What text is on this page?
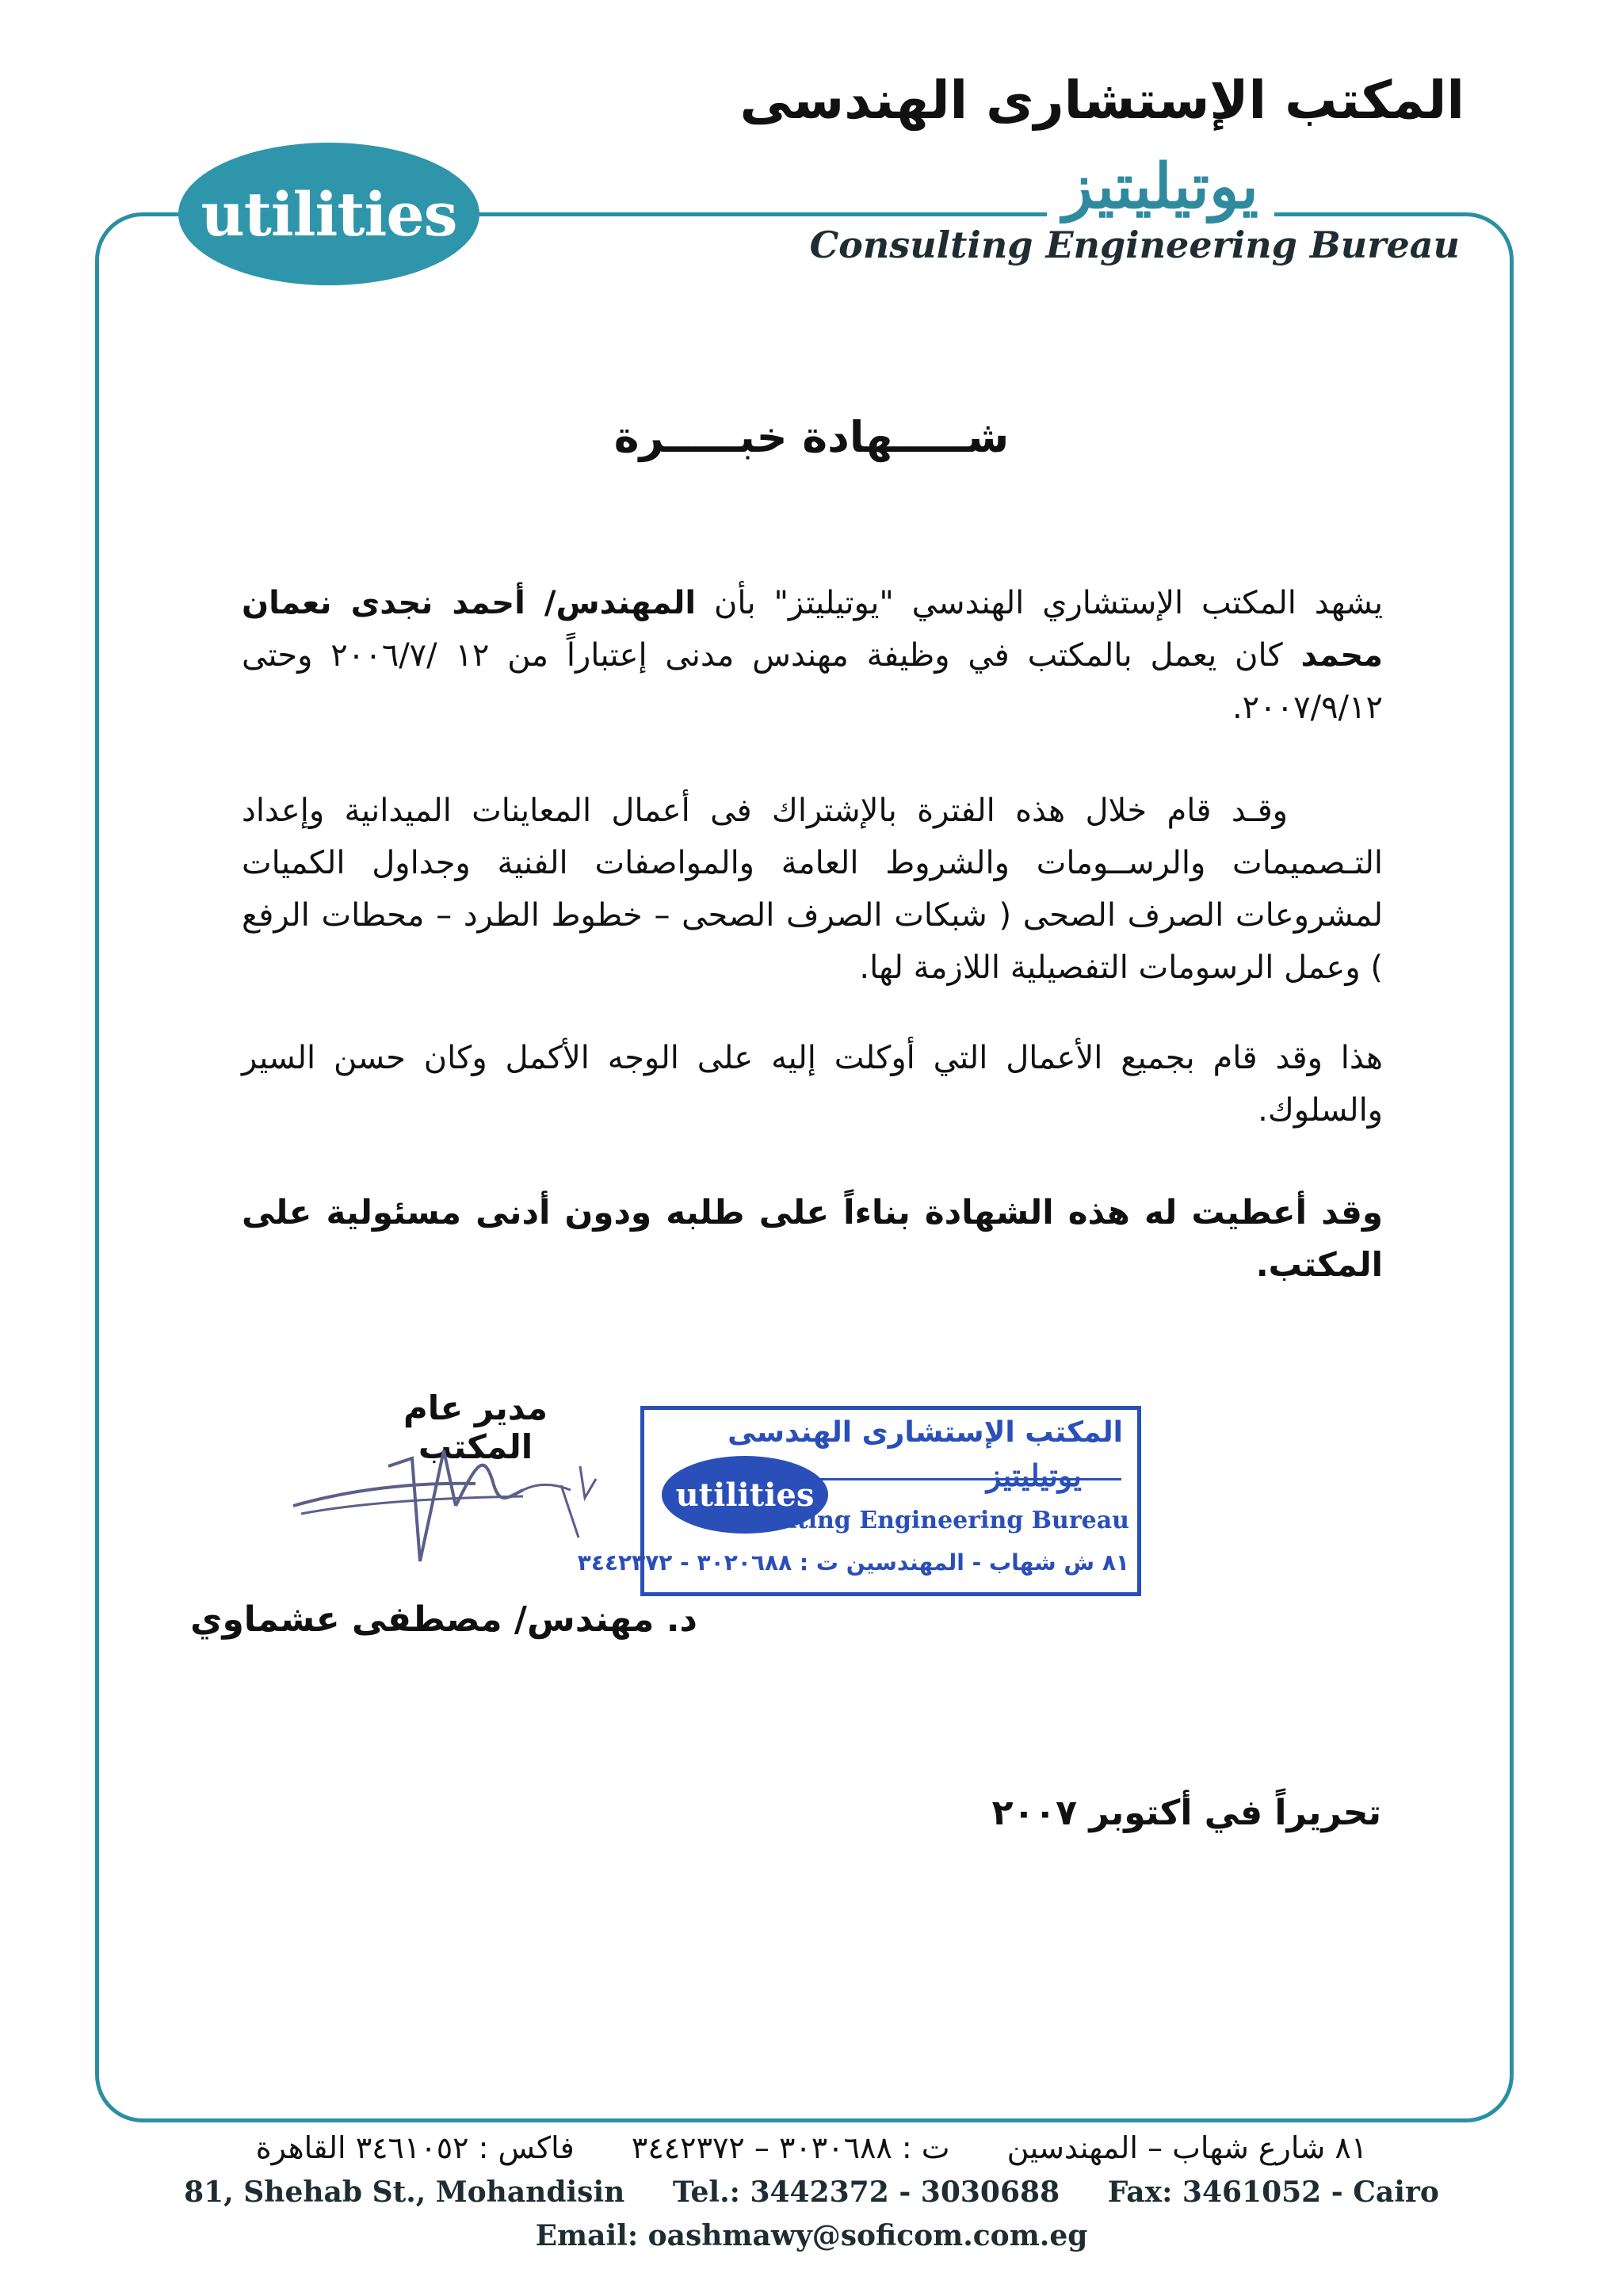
utilities
المكتب الإستشارى الهندسى
يوتيليتيز
Consulting Engineering Bureau
شـــــهادة خبـــــرة
يشهد المكتب الإستشاري الهندسي "يوتيليتز" بأن المهندس/ أحمد نجدى نعمان محمد كان يعمل بالمكتب في وظيفة مهندس مدنى إعتباراً من ١٢ /٢٠٠٦/٧ وحتى ٢٠٠٧/٩/١٢.
وقـد قام خلال هذه الفترة بالإشتراك فى أعمال المعاينات الميدانية وإعداد التـصميمات والرســومات والشروط العامة والمواصفات الفنية وجداول الكميات لمشروعات الصرف الصحى ( شبكات الصرف الصحى – خطوط الطرد – محطات الرفع ) وعمل الرسومات التفصيلية اللازمة لها.
هذا وقد قام بجميع الأعمال التي أوكلت إليه على الوجه الأكمل وكان حسن السير والسلوك.
وقد أعطيت له هذه الشهادة بناءاً على طلبه ودون أدنى مسئولية على المكتب.
مدير عام المكتب
د. مهندس/ مصطفى عشماوي
المكتب الإستشارى الهندسى
يوتيليتيز
utilities
Consulting Engineering Bureau
٨١ ش شهاب - المهندسين ت : ٣٠٢٠٦٨٨ - ٣٤٤٢٣٧٢
تحريراً في أكتوبر ٢٠٠٧
٨١ شارع شهاب – المهندسين ت : ٣٠٣٠٦٨٨ – ٣٤٤٢٣٧٢ فاكس : ٣٤٦١٠٥٢ القاهرة
81, Shehab St., Mohandisin Tel.: 3442372 - 3030688 Fax: 3461052 - Cairo
Email: oashmawy@soficom.com.eg
